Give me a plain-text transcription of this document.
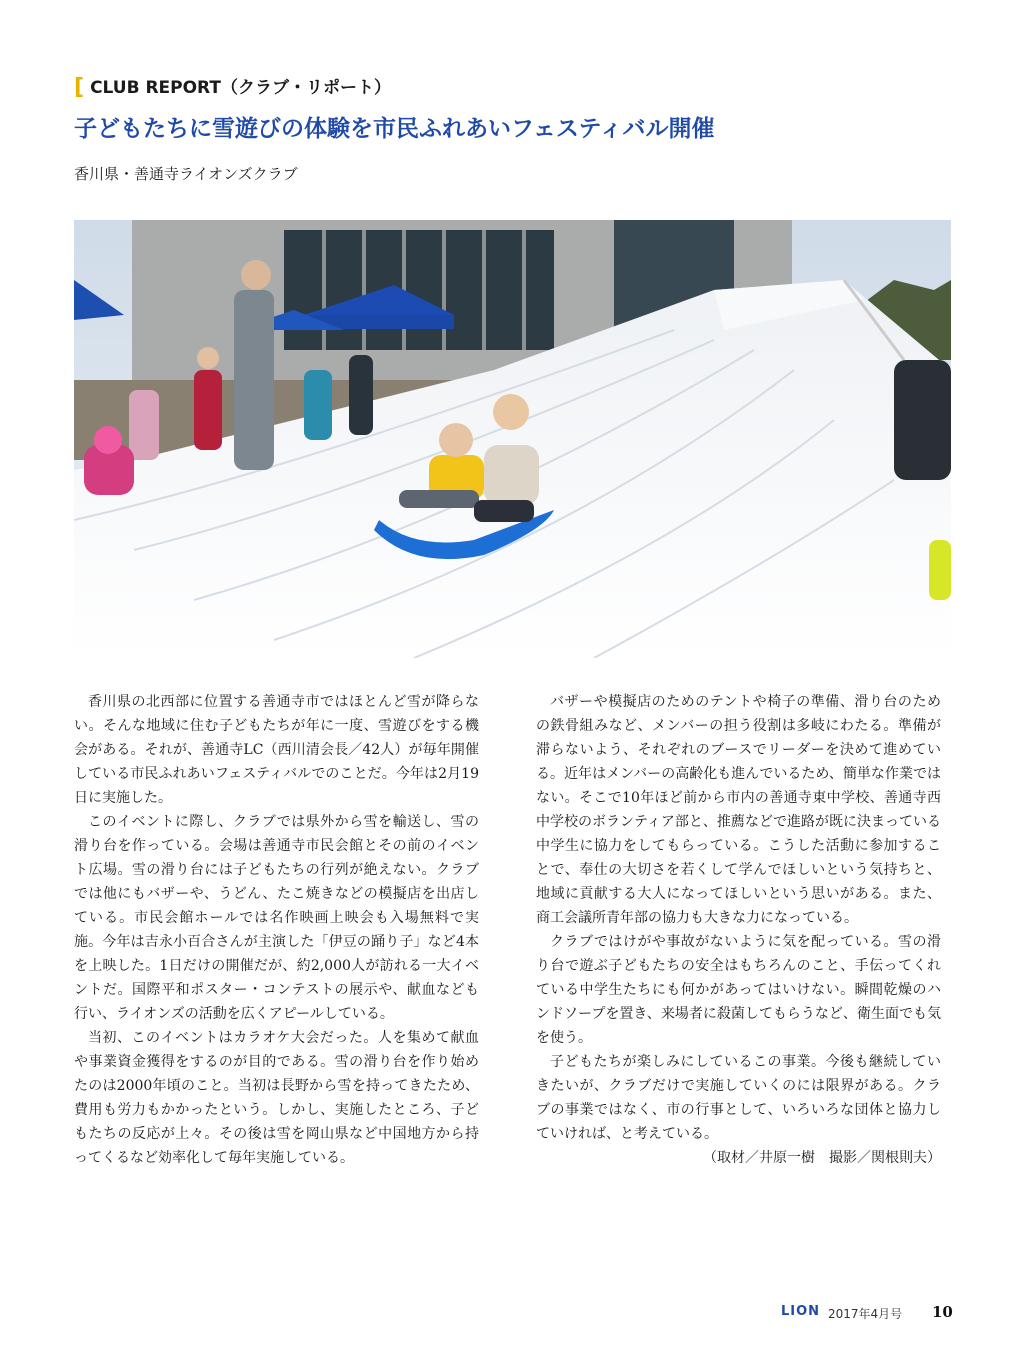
[ CLUB REPORT（クラブ・リポート）
子どもたちに雪遊びの体験を市民ふれあいフェスティバル開催
香川県・善通寺ライオンズクラブ

香川県の北西部に位置する善通寺市ではほとんど雪が降らない。そんな地域に住む子どもたちが年に一度、雪遊びをする機会がある。それが、善通寺LC（西川清会長／42人）が毎年開催している市民ふれあいフェスティバルでのことだ。今年は2月19日に実施した。

このイベントに際し、クラブでは県外から雪を輸送し、雪の滑り台を作っている。会場は善通寺市民会館とその前のイベント広場。雪の滑り台には子どもたちの行列が絶えない。クラブでは他にもバザーや、うどん、たこ焼きなどの模擬店を出店している。市民会館ホールでは名作映画上映会も入場無料で実施。今年は吉永小百合さんが主演した「伊豆の踊り子」など4本を上映した。1日だけの開催だが、約2,000人が訪れる一大イベントだ。国際平和ポスター・コンテストの展示や、献血なども行い、ライオンズの活動を広くアピールしている。

当初、このイベントはカラオケ大会だった。人を集めて献血や事業資金獲得をするのが目的である。雪の滑り台を作り始めたのは2000年頃のこと。当初は長野から雪を持ってきたため、費用も労力もかかったという。しかし、実施したところ、子どもたちの反応が上々。その後は雪を岡山県など中国地方から持ってくるなど効率化して毎年実施している。

バザーや模擬店のためのテントや椅子の準備、滑り台のための鉄骨組みなど、メンバーの担う役割は多岐にわたる。準備が滞らないよう、それぞれのブースでリーダーを決めて進めている。近年はメンバーの高齢化も進んでいるため、簡単な作業ではない。そこで10年ほど前から市内の善通寺東中学校、善通寺西中学校のボランティア部と、推薦などで進路が既に決まっている中学生に協力をしてもらっている。こうした活動に参加することで、奉仕の大切さを若くして学んでほしいという気持ちと、地域に貢献する大人になってほしいという思いがある。また、商工会議所青年部の協力も大きな力になっている。

クラブではけがや事故がないように気を配っている。雪の滑り台で遊ぶ子どもたちの安全はもちろんのこと、手伝ってくれている中学生たちにも何かがあってはいけない。瞬間乾燥のハンドソープを置き、来場者に殺菌してもらうなど、衛生面でも気を使う。

子どもたちが楽しみにしているこの事業。今後も継続していきたいが、クラブだけで実施していくのには限界がある。クラブの事業ではなく、市の行事として、いろいろな団体と協力していければ、と考えている。

（取材／井原一樹　撮影／関根則夫）
LION 2017年4月号 10
